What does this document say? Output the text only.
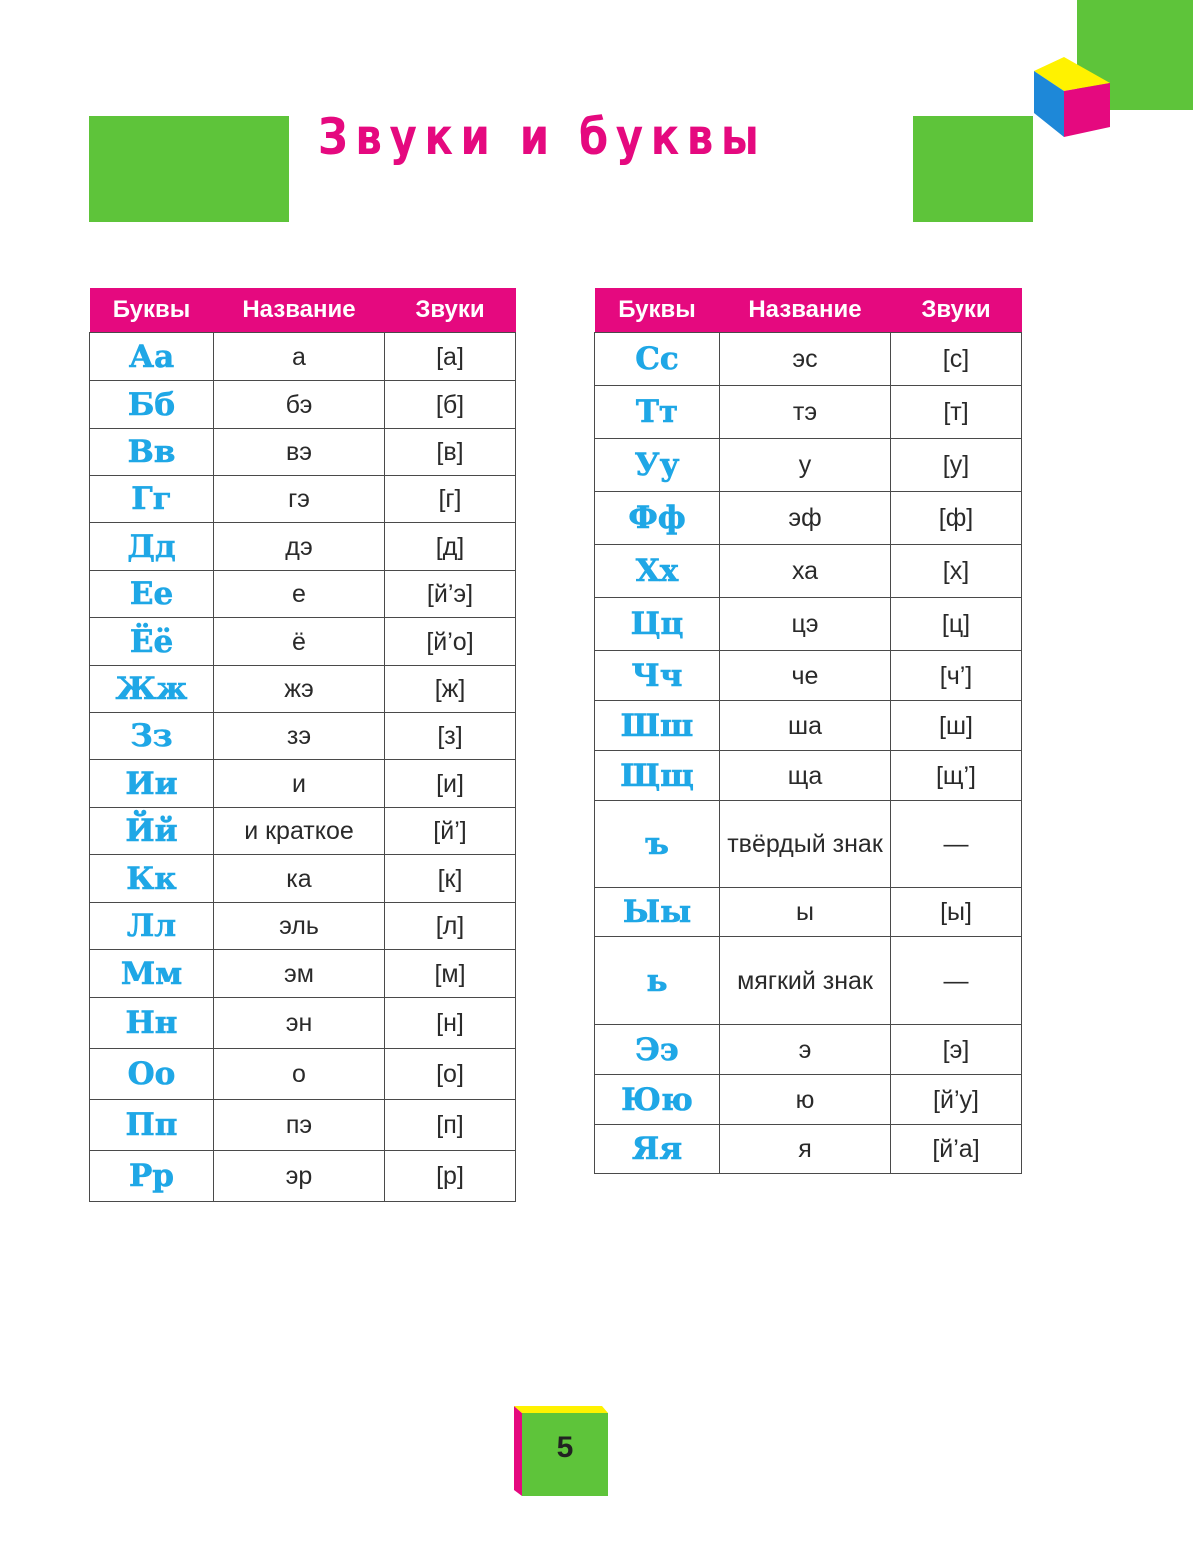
Звуки и буквы
Буквы	Название	Звуки
Аа	а	[а]
Бб	бэ	[б]
Вв	вэ	[в]
Гг	гэ	[г]
Дд	дэ	[д]
Ее	е	[й’э]
Ёё	ё	[й’о]
Жж	жэ	[ж]
Зз	зэ	[з]
Ии	и	[и]
Йй	и краткое	[й’]
Кк	ка	[к]
Лл	эль	[л]
Мм	эм	[м]
Нн	эн	[н]
Оо	о	[о]
Пп	пэ	[п]
Рр	эр	[р]
Буквы	Название	Звуки
Сс	эс	[с]
Тт	тэ	[т]
Уу	у	[у]
Фф	эф	[ф]
Хх	ха	[х]
Цц	цэ	[ц]
Чч	че	[ч’]
Шш	ша	[ш]
Щщ	ща	[щ’]
ъ	твёрдый знак	—
Ыы	ы	[ы]
ь	мягкий знак	—
Ээ	э	[э]
Юю	ю	[й’у]
Яя	я	[й’а]
5
